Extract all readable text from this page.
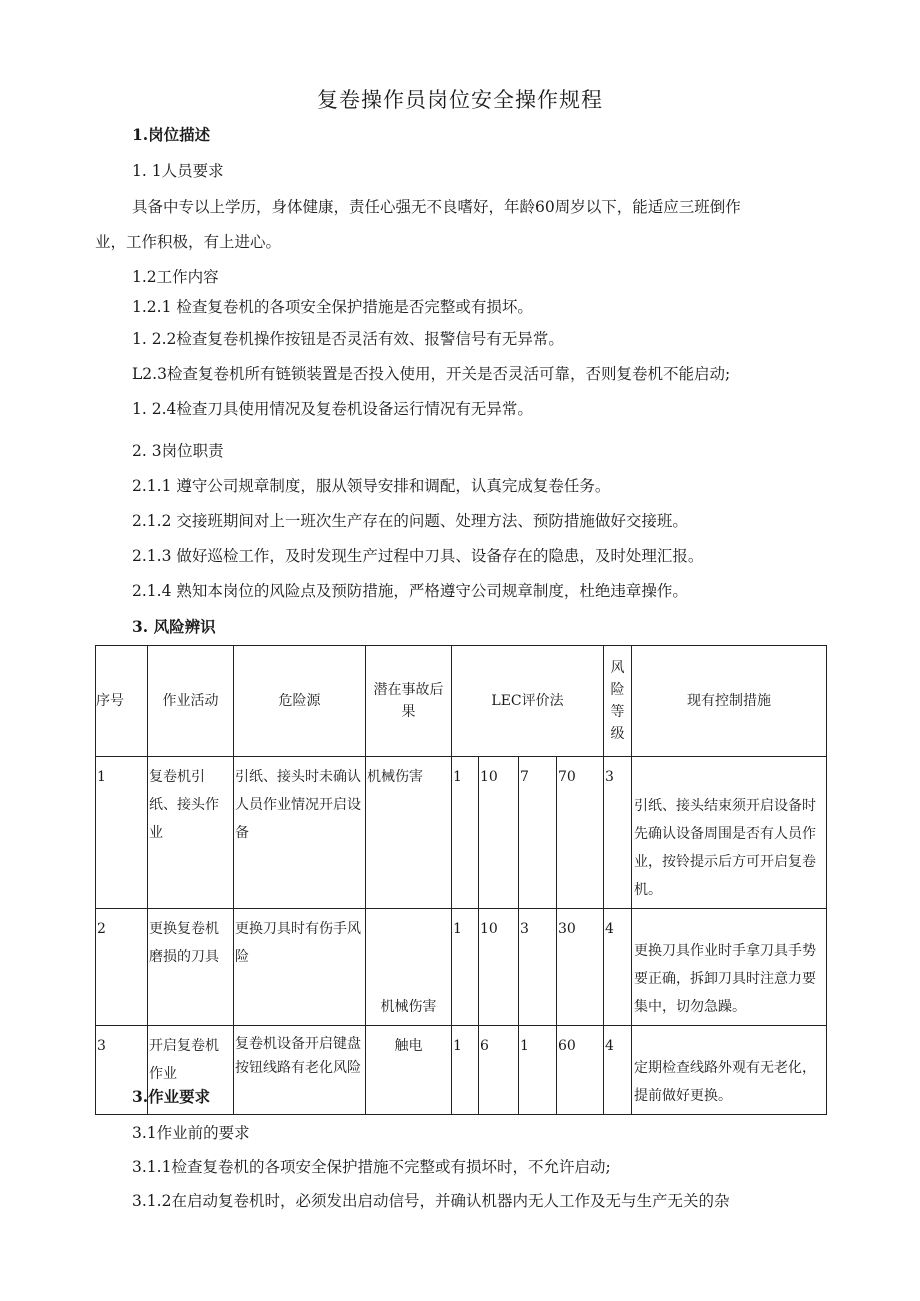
复卷操作员岗位安全操作规程
1.岗位描述
1. 1人员要求
具备中专以上学历，身体健康，责任心强无不良嗜好，年龄60周岁以下，能适应三班倒作
业，工作积极，有上进心。
1.2工作内容
1.2.1 检查复卷机的各项安全保护措施是否完整或有损坏。
1. 2.2检查复卷机操作按钮是否灵活有效、报警信号有无异常。
L2.3检查复卷机所有链锁装置是否投入使用，开关是否灵活可靠，否则复卷机不能启动;
1. 2.4检查刀具使用情况及复卷机设备运行情况有无异常。
2. 3岗位职责
2.1.1 遵守公司规章制度，服从领导安排和调配，认真完成复卷任务。
2.1.2 交接班期间对上一班次生产存在的问题、处理方法、预防措施做好交接班。
2.1.3 做好巡检工作，及时发现生产过程中刀具、设备存在的隐患，及时处理汇报。
2.1.4 熟知本岗位的风险点及预防措施，严格遵守公司规章制度，杜绝违章操作。
3. 风险辨识
序号	作业活动	危险源	潜在事故后果	LEC评价法				风险等级	现有控制措施

1	复卷机引纸、接头作业	引纸、接头时未确认人员作业情况开启设备	机械伤害	1	10	7	70	3	引纸、接头结束须开启设备时先确认设备周围是否有人员作业，按铃提示后方可开启复卷机。

2	更换复卷机磨损的刀具	更换刀具时有伤手风险	机械伤害	1	10	3	30	4	更换刀具作业时手拿刀具手势要正确，拆卸刀具时注意力要集中，切勿急躁。

3	开启复卷机作业	复卷机设备开启键盘按钮线路有老化风险	触电	1	6	1	60	4	定期检查线路外观有无老化，提前做好更换。
3.作业要求
3.1作业前的要求
3.1.1检查复卷机的各项安全保护措施不完整或有损坏时，不允许启动;
3.1.2在启动复卷机时，必须发出启动信号，并确认机器内无人工作及无与生产无关的杂
